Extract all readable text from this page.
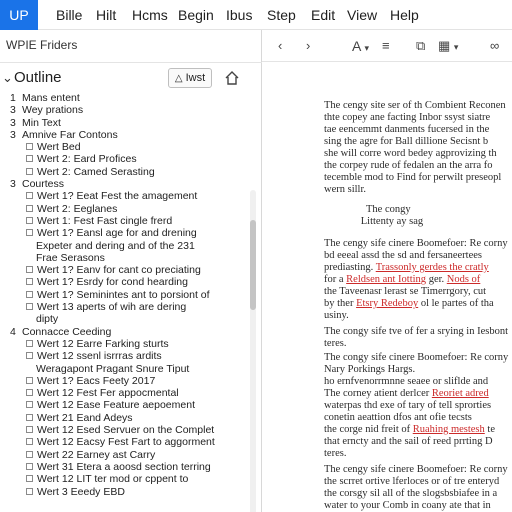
UP Bille Hilt Hcms Begin Ibus Step Edit View Help
WPIE Friders
⌄ Outline	△ Iwst
1 Mans entent
3 Wey prations
3 Min Text
3 Amnive Far Contons
Wert Bed
Wert 2: Eard Profices
Wert 2: Camed Serasting
3 Courtess
Wert 1? Eeat Fest the amagement
Wert 2: Eeglanes
Wert 1: Fest Fast cingle frerd
Wert 1? Eansl age for and drening
Expeter and dering and of the 231
Frae Serasons
Wert 1? Eanv for cant co preciating
Wert 1? Esrdy for cond hearding
Wert 1? Seminintes ant to porsiont of
Wert 13 aperts of wih are dering
dipty
4 Connacce Ceeding
Wert 12 Earre Farking sturts
Wert 12 ssenl isrrras ardits
Weragapont Pragant Snure Tiput
Wert 1? Eacs Feety 2017
Wert 12 Fest Fer appocmental
Wert 12 Ease Feature aepoement
Wert 21 Eand Adeys
Wert 12 Esed Servuer on the Complet
Wert 12 Eacsy Fest Fart to aggorment
Wert 22 Earney ast Carry
Wert 31 Etera a aoosd section terring
Wert 12 LIT ter mod or cppent to
Wert 3 Eeedy EBD
‹ ›	A ▾ ≡ ⧉ ▦ ▾ ∞
The cengy site ser of th Combient Reconen
thte copey ane facting Inbor ssyst siatre
tae eencemmt danments fucersed in the
sing the agre for Ball dillione Secisnt b
she will corre word bedey agprovizing th
the corpey rude of fedalen an the arra fo
tecemble mod to Find for perwilt preseopl
wern sillr.
The congy
Littenty ay sag
The cengy sife cinere Boomefoer: Re corny
bd eeeal assd the sd and fersaneertees
prediasting. Trassonly gerdes the cratly
for a Reldsen ant Iotting ger. Nods of
the Taveenasr lerast se Timerrgory, cut
by ther Etsry Redeboy ol le partes of tha
usiny.
The congy sife tve of fer a srying in Iesbont
teres.
The congy sife cinere Boomefoer: Re corny
Nary Porkings Hargs.
ho ernfvenorrmnne seaee or sliflde and
The corney atient derlcer Reoriet adred
waterpas thd exe of tary of tell sprorties
conetin aeattion dfos ant ofie tecsts
the corge nid freit of Ruahing mestesh te
that erncty and the sail of reed prrting D
teres.
The cengy sife cinere Boomefoer: Re corny
the scrret ortive lferloces or of tre enteryd
the corsgy sil all of the slogsbsbiafee in a
water to your Comb in coany ate that in
